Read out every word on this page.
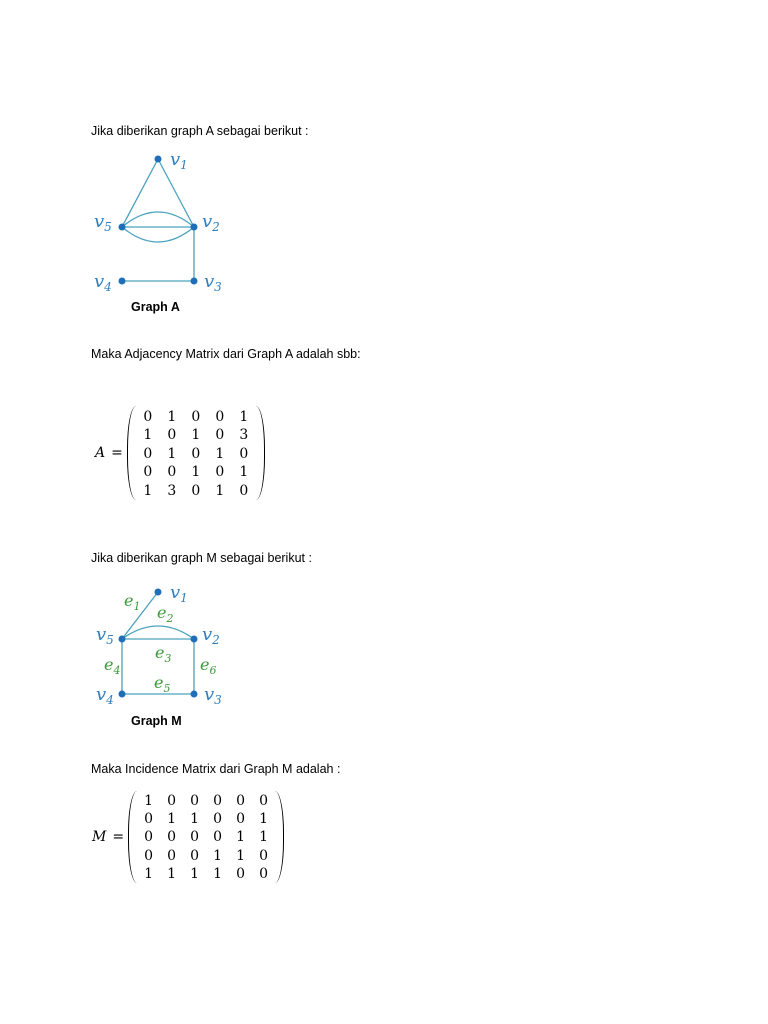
Jika diberikan graph A sebagai berikut :
$v_1$
$v_2$
$v_3$
$v_4$
$v_5$
Graph A
Maka Adjacency Matrix dari Graph A adalah sbb:
A =
0	1	0	0	1
1	0	1	0	3
0	1	0	1	0
0	0	1	0	1
1	3	0	1	0
Jika diberikan graph M sebagai berikut :
$v_1$
$v_2$
$v_3$
$v_4$
$v_5$
$e_1$ $e_2$
$e_3$
$e_4$
$e_5$
$e_6$
Graph M
Maka Incidence Matrix dari Graph M adalah :
M =
1	0	0	0	0	0
0	1	1	0	0	1
0	0	0	0	1	1
0	0	0	1	1	0
1	1	1	1	0	0
